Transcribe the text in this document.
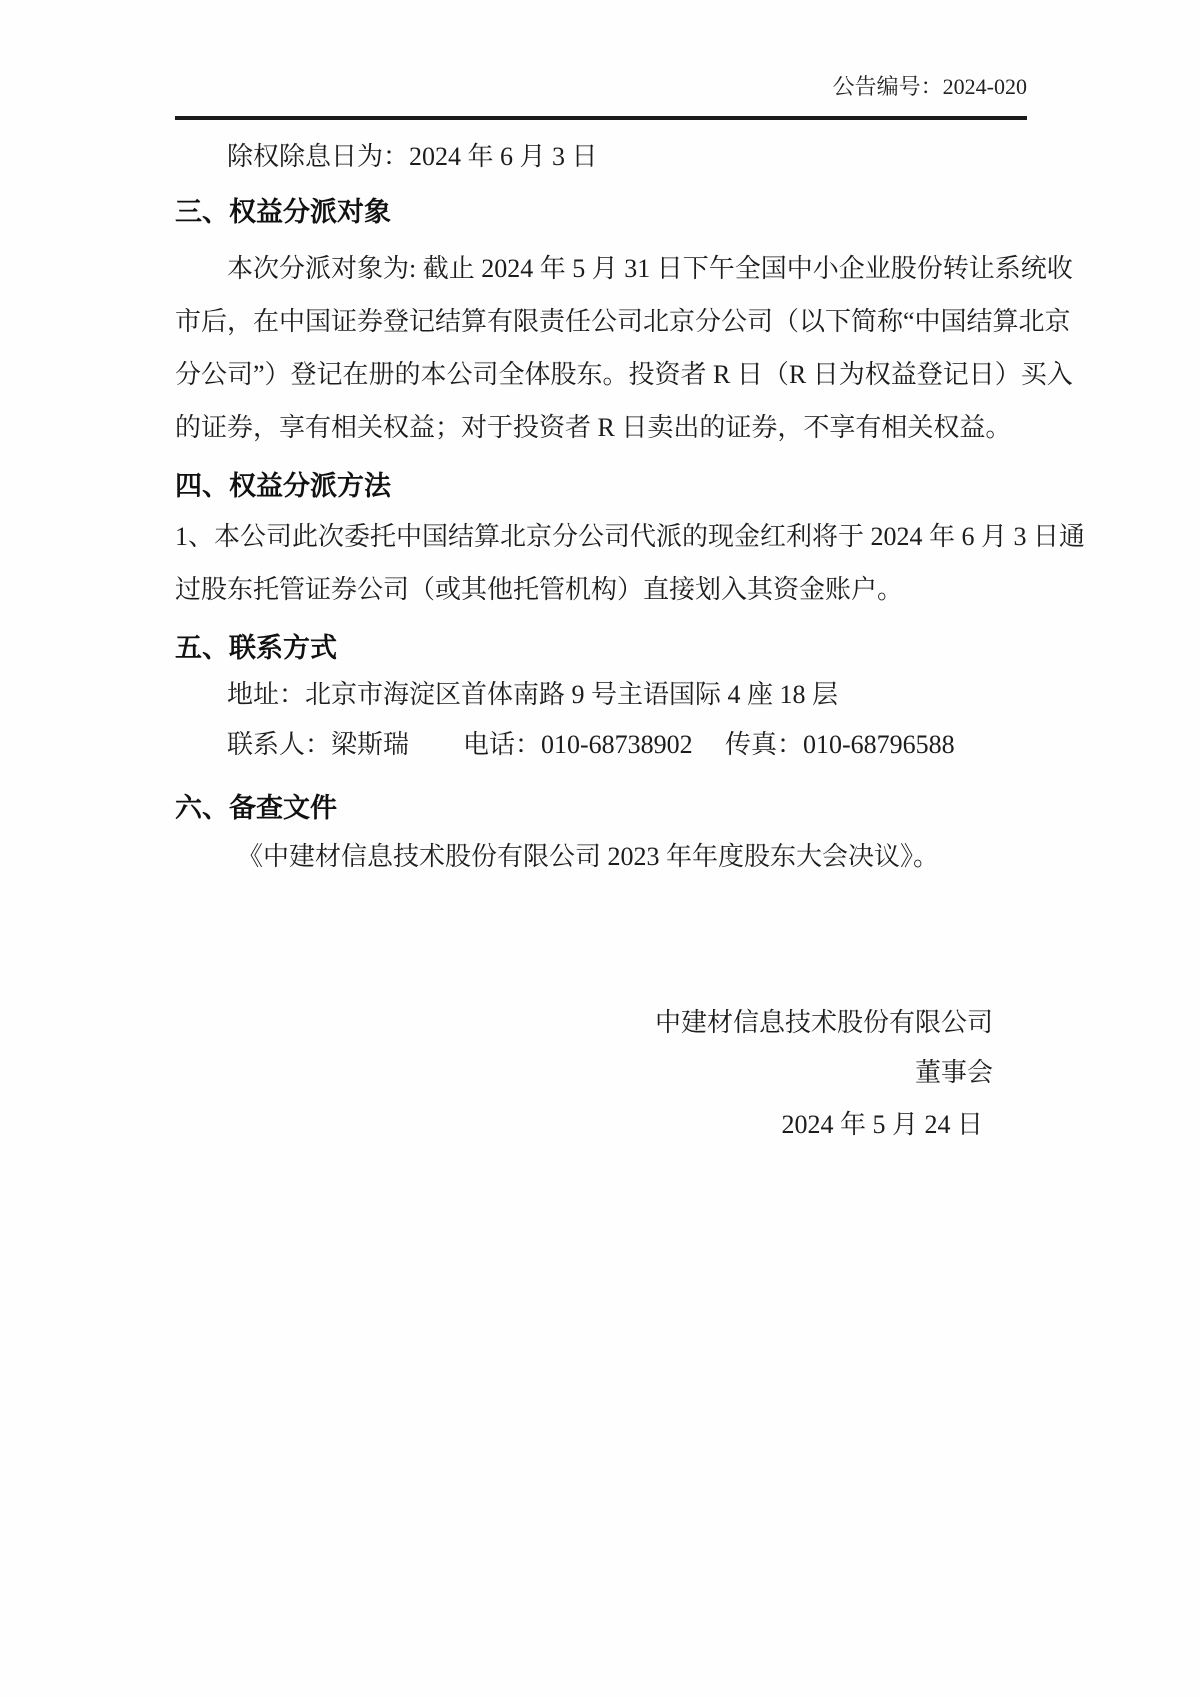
公告编号：2024-020
除权除息日为：2024 年 6 月 3 日
三、权益分派对象
本次分派对象为: 截止 2024 年 5 月 31 日下午全国中小企业股份转让系统收
市后，在中国证券登记结算有限责任公司北京分公司（以下简称“中国结算北京
分公司”）登记在册的本公司全体股东。投资者 R 日（R 日为权益登记日）买入
的证券，享有相关权益；对于投资者 R 日卖出的证券，不享有相关权益。
四、权益分派方法
1、本公司此次委托中国结算北京分公司代派的现金红利将于 2024 年 6 月 3 日通
过股东托管证券公司（或其他托管机构）直接划入其资金账户。
五、联系方式
地址：北京市海淀区首体南路 9 号主语国际 4 座 18 层
联系人：梁斯瑞 电话：010-68738902 传真：010-68796588
六、备查文件
《中建材信息技术股份有限公司 2023 年年度股东大会决议》。
中建材信息技术股份有限公司
董事会
2024 年 5 月 24 日
